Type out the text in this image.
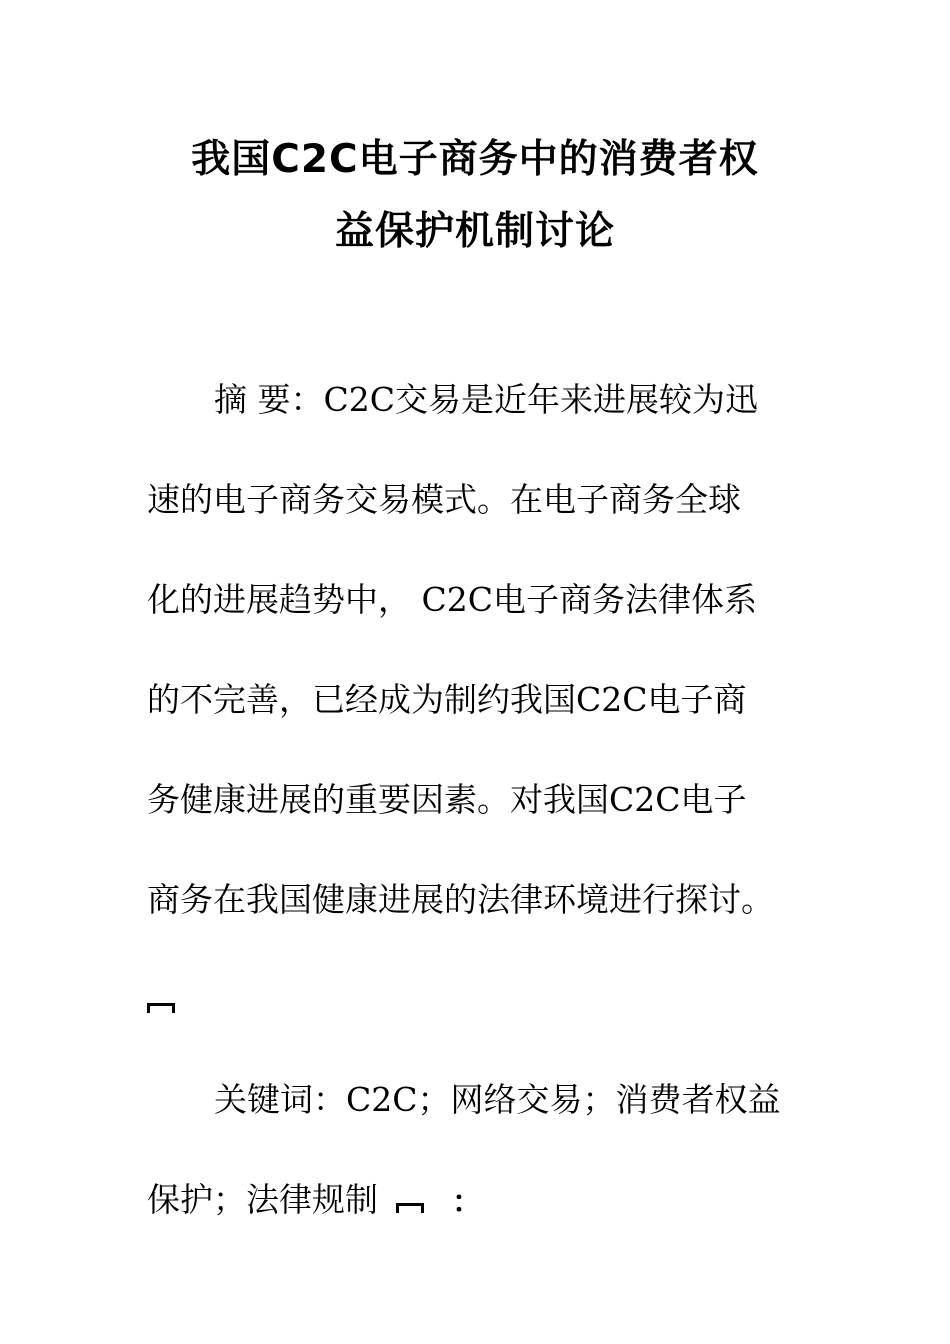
我国C2C电子商务中的消费者权
益保护机制讨论
摘 要：C2C交易是近年来进展较为迅
速的电子商务交易模式。在电子商务全球
化的进展趋势中， C2C电子商务法律体系
的不完善，已经成为制约我国C2C电子商
务健康进展的重要因素。对我国C2C电子
商务在我国健康进展的法律环境进行探讨。
关键词：C2C；网络交易；消费者权益
保护；法律规制 ：
